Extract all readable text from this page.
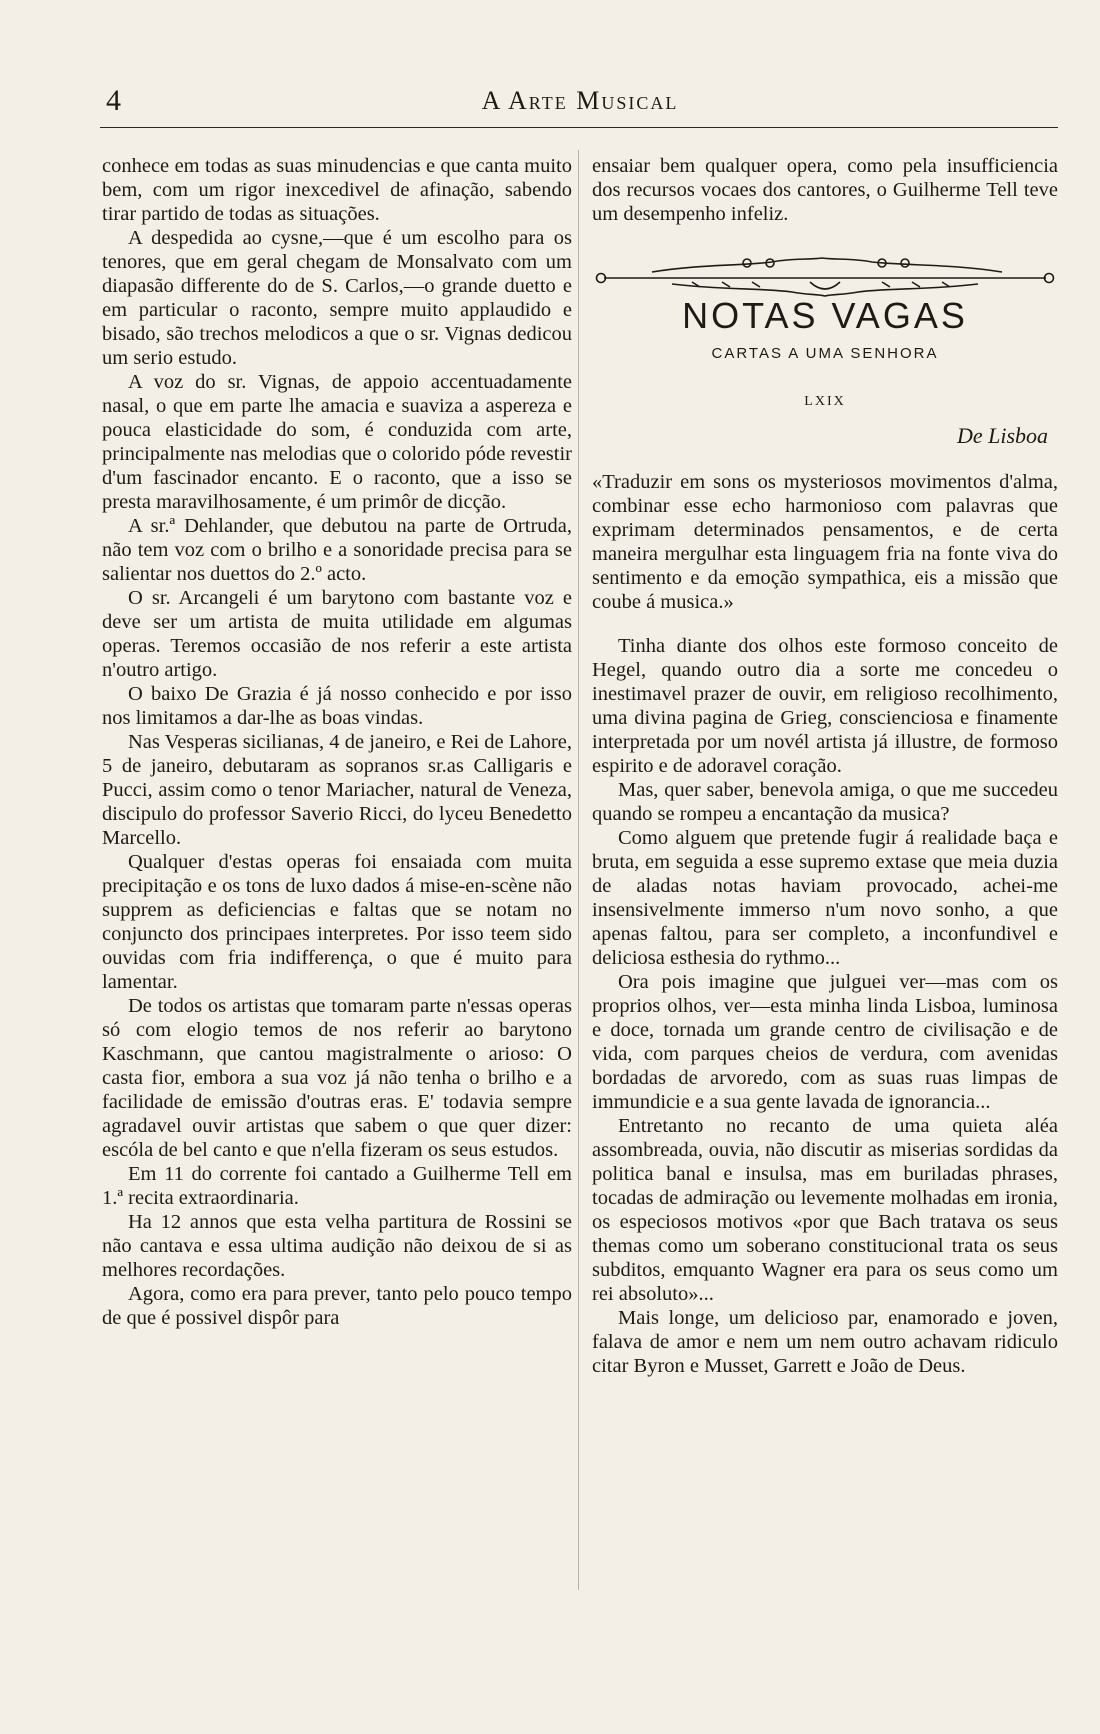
4	A Arte Musical

conhece em todas as suas minudencias e que canta muito bem, com um rigor inexcedivel de afinação, sabendo tirar partido de todas as situações.

A despedida ao cysne,—que é um escolho para os tenores, que em geral chegam de Monsalvato com um diapasão differente do de S. Carlos,—o grande duetto e em particular o raconto, sempre muito applaudido e bisado, são trechos melodicos a que o sr. Vignas dedicou um serio estudo.

A voz do sr. Vignas, de appoio accentuadamente nasal, o que em parte lhe amacia e suaviza a aspereza e pouca elasticidade do som, é conduzida com arte, principalmente nas melodias que o colorido póde revestir d'um fascinador encanto. E o raconto, que a isso se presta maravilhosamente, é um primôr de dicção.

A sr.ª Dehlander, que debutou na parte de Ortruda, não tem voz com o brilho e a sonoridade precisa para se salientar nos duettos do 2.º acto.

O sr. Arcangeli é um barytono com bastante voz e deve ser um artista de muita utilidade em algumas operas. Teremos occasião de nos referir a este artista n'outro artigo.

O baixo De Grazia é já nosso conhecido e por isso nos limitamos a dar-lhe as boas vindas.

Nas Vesperas sicilianas, 4 de janeiro, e Rei de Lahore, 5 de janeiro, debutaram as sopranos sr.as Calligaris e Pucci, assim como o tenor Mariacher, natural de Veneza, discipulo do professor Saverio Ricci, do lyceu Benedetto Marcello.

Qualquer d'estas operas foi ensaiada com muita precipitação e os tons de luxo dados á mise-en-scène não supprem as deficiencias e faltas que se notam no conjuncto dos principaes interpretes. Por isso teem sido ouvidas com fria indifferença, o que é muito para lamentar.

De todos os artistas que tomaram parte n'essas operas só com elogio temos de nos referir ao barytono Kaschmann, que cantou magistralmente o arioso: O casta fior, embora a sua voz já não tenha o brilho e a facilidade de emissão d'outras eras. E' todavia sempre agradavel ouvir artistas que sabem o que quer dizer: escóla de bel canto e que n'ella fizeram os seus estudos.

Em 11 do corrente foi cantado a Guilherme Tell em 1.ª recita extraordinaria.

Ha 12 annos que esta velha partitura de Rossini se não cantava e essa ultima audição não deixou de si as melhores recordações.

Agora, como era para prever, tanto pelo pouco tempo de que é possivel dispôr para

ensaiar bem qualquer opera, como pela insufficiencia dos recursos vocaes dos cantores, o Guilherme Tell teve um desempenho infeliz.

NOTAS VAGAS
CARTAS A UMA SENHORA
LXIX
De Lisboa

«Traduzir em sons os mysteriosos movimentos d'alma, combinar esse echo harmonioso com palavras que exprimam determinados pensamentos, e de certa maneira mergulhar esta linguagem fria na fonte viva do sentimento e da emoção sympathica, eis a missão que coube á musica.»

Tinha diante dos olhos este formoso conceito de Hegel, quando outro dia a sorte me concedeu o inestimavel prazer de ouvir, em religioso recolhimento, uma divina pagina de Grieg, conscienciosa e finamente interpretada por um novél artista já illustre, de formoso espirito e de adoravel coração.

Mas, quer saber, benevola amiga, o que me succedeu quando se rompeu a encantação da musica?

Como alguem que pretende fugir á realidade baça e bruta, em seguida a esse supremo extase que meia duzia de aladas notas haviam provocado, achei-me insensivelmente immerso n'um novo sonho, a que apenas faltou, para ser completo, a inconfundivel e deliciosa esthesia do rythmo...

Ora pois imagine que julguei ver—mas com os proprios olhos, ver—esta minha linda Lisboa, luminosa e doce, tornada um grande centro de civilisação e de vida, com parques cheios de verdura, com avenidas bordadas de arvoredo, com as suas ruas limpas de immundicie e a sua gente lavada de ignorancia...

Entretanto no recanto de uma quieta aléa assombreada, ouvia, não discutir as miserias sordidas da politica banal e insulsa, mas em buriladas phrases, tocadas de admiração ou levemente molhadas em ironia, os especiosos motivos «por que Bach tratava os seus themas como um soberano constitucional trata os seus subditos, emquanto Wagner era para os seus como um rei absoluto»...

Mais longe, um delicioso par, enamorado e joven, falava de amor e nem um nem outro achavam ridiculo citar Byron e Musset, Garrett e João de Deus.
